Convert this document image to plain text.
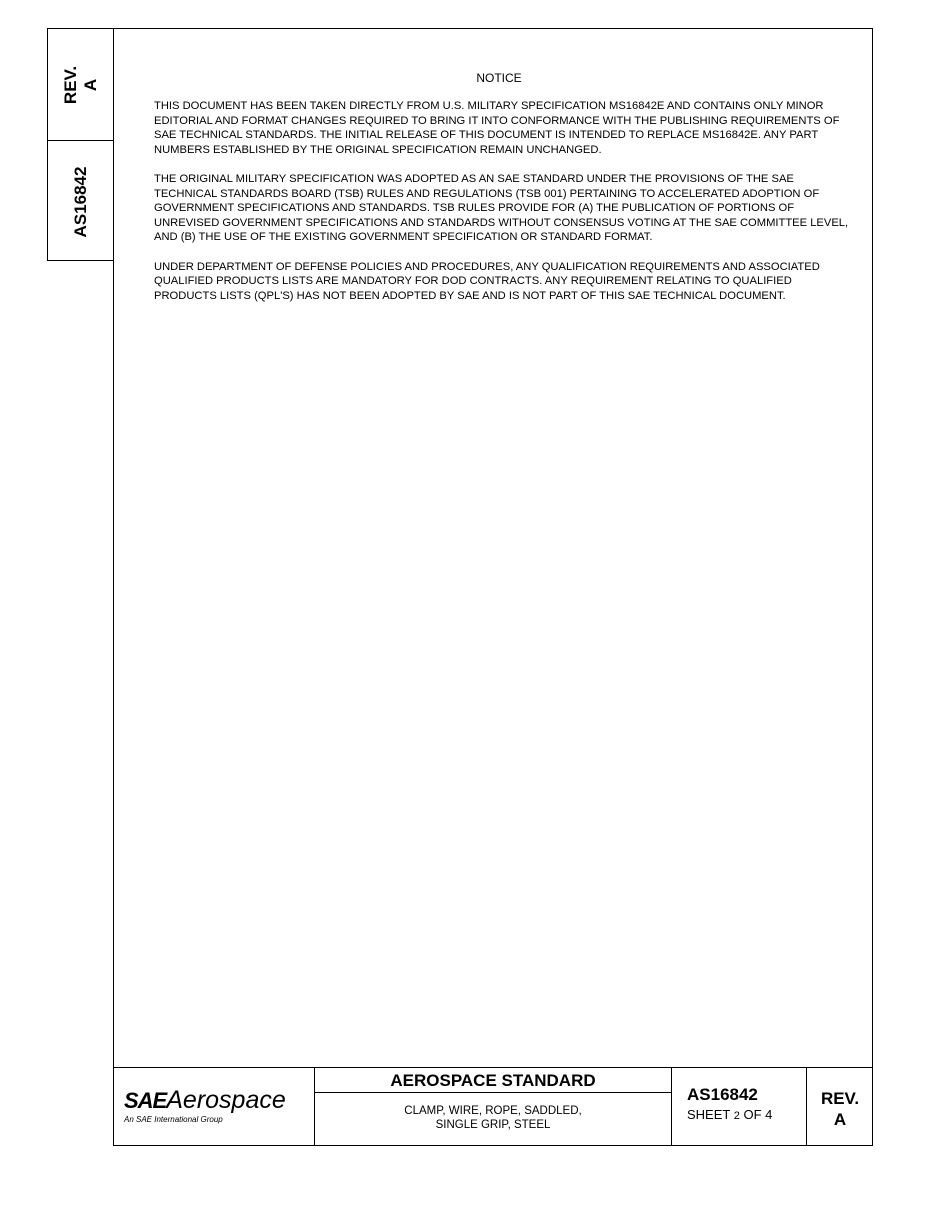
REV. A
AS16842
NOTICE

THIS DOCUMENT HAS BEEN TAKEN DIRECTLY FROM U.S. MILITARY SPECIFICATION MS16842E AND CONTAINS ONLY MINOR EDITORIAL AND FORMAT CHANGES REQUIRED TO BRING IT INTO CONFORMANCE WITH THE PUBLISHING REQUIREMENTS OF SAE TECHNICAL STANDARDS. THE INITIAL RELEASE OF THIS DOCUMENT IS INTENDED TO REPLACE MS16842E. ANY PART NUMBERS ESTABLISHED BY THE ORIGINAL SPECIFICATION REMAIN UNCHANGED.

THE ORIGINAL MILITARY SPECIFICATION WAS ADOPTED AS AN SAE STANDARD UNDER THE PROVISIONS OF THE SAE TECHNICAL STANDARDS BOARD (TSB) RULES AND REGULATIONS (TSB 001) PERTAINING TO ACCELERATED ADOPTION OF GOVERNMENT SPECIFICATIONS AND STANDARDS. TSB RULES PROVIDE FOR (A) THE PUBLICATION OF PORTIONS OF UNREVISED GOVERNMENT SPECIFICATIONS AND STANDARDS WITHOUT CONSENSUS VOTING AT THE SAE COMMITTEE LEVEL, AND (B) THE USE OF THE EXISTING GOVERNMENT SPECIFICATION OR STANDARD FORMAT.

UNDER DEPARTMENT OF DEFENSE POLICIES AND PROCEDURES, ANY QUALIFICATION REQUIREMENTS AND ASSOCIATED QUALIFIED PRODUCTS LISTS ARE MANDATORY FOR DOD CONTRACTS. ANY REQUIREMENT RELATING TO QUALIFIED PRODUCTS LISTS (QPL'S) HAS NOT BEEN ADOPTED BY SAE AND IS NOT PART OF THIS SAE TECHNICAL DOCUMENT.

SAEAerospace
An SAE International Group
AEROSPACE STANDARD
CLAMP, WIRE, ROPE, SADDLED,
SINGLE GRIP, STEEL
AS16842
SHEET 2 OF 4
REV.
A
